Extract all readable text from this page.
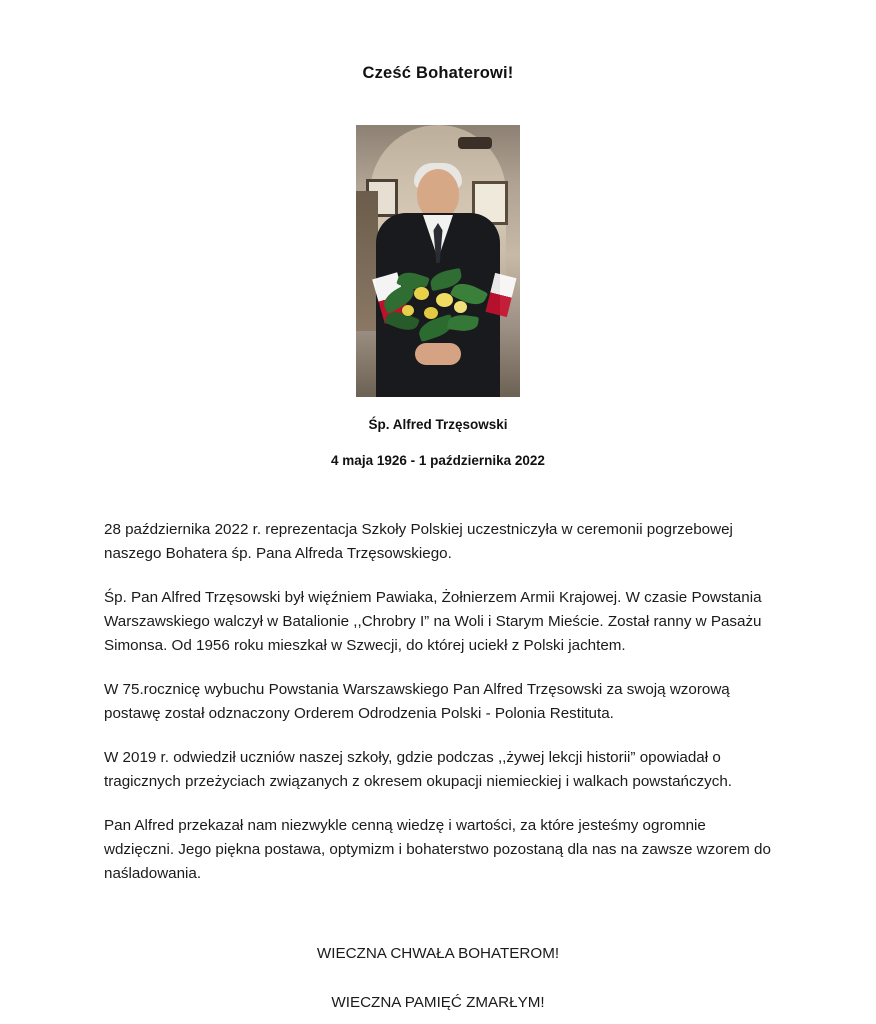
Cześć Bohaterowi!
Śp. Alfred Trzęsowski
4 maja 1926 - 1 października 2022

28 października 2022 r. reprezentacja Szkoły Polskiej uczestniczyła w ceremonii pogrzebowej naszego Bohatera śp. Pana Alfreda Trzęsowskiego.

Śp. Pan Alfred Trzęsowski był więźniem Pawiaka, Żołnierzem Armii Krajowej. W czasie Powstania Warszawskiego walczył w Batalionie ,,Chrobry I” na Woli i Starym Mieście. Został ranny w Pasażu Simonsa. Od 1956 roku mieszkał w Szwecji, do której uciekł z Polski jachtem.

W 75.rocznicę wybuchu Powstania Warszawskiego Pan Alfred Trzęsowski za swoją wzorową postawę został odznaczony Orderem Odrodzenia Polski - Polonia Restituta.

W 2019 r. odwiedził uczniów naszej szkoły, gdzie podczas ,,żywej lekcji historii” opowiadał o tragicznych przeżyciach związanych z okresem okupacji niemieckiej i walkach powstańczych.

Pan Alfred przekazał nam niezwykle cenną wiedzę i wartości, za które jesteśmy ogromnie wdzięczni. Jego piękna postawa, optymizm i bohaterstwo pozostaną dla nas na zawsze wzorem do naśladowania.

WIECZNA CHWAŁA BOHATEROM!

WIECZNA PAMIĘĆ ZMARŁYM!
